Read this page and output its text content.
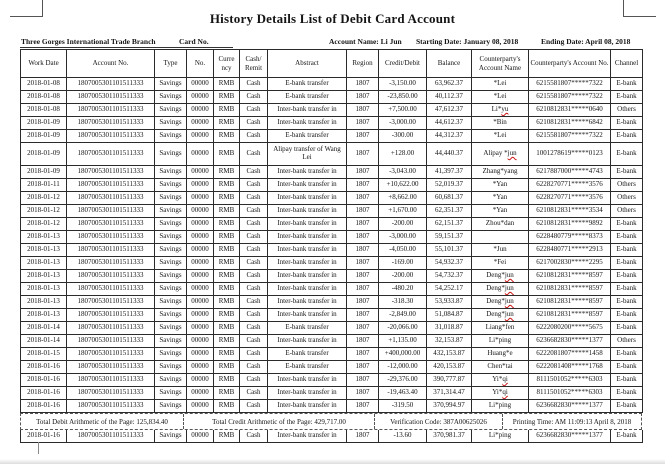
History Details List of Debit Card Account
Three Gorges International Trade Branch	Card No.	Account Name: Li Jun Starting Date: January 08, 2018	Ending Date: April 08, 2018
Work Date	Account No.	Type	No.	Curre ncy	Cash/ Remit	Abstract	Region	Credit/Debit	Balance	Counterparty's Account Name	Counterparty's Account No.	Channel
2018-01-08	1807005301101511333	Savings	00000	RMB	Cash	E-bank transfer	1807	-3,150.00	63,962.37	*Lei	6215581807*****7322	E-bank
2018-01-08	1807005301101511333	Savings	00000	RMB	Cash	E-bank transfer	1807	-23,850.00	40,112.37	*Lei	6215581807*****7322	E-bank
2018-01-08	1807005301101511333	Savings	00000	RMB	Cash	Inter-bank transfer in	1807	+7,500.00	47,612.37	Li*yu	6210812831*****0640	Others
2018-01-09	1807005301101511333	Savings	00000	RMB	Cash	Inter-bank transfer in	1807	-3,000.00	44,612.37	*Bin	6210812831*****6842	E-bank
2018-01-09	1807005301101511333	Savings	00000	RMB	Cash	E-bank transfer	1807	-300.00	44,312.37	*Lei	6215581807*****7322	E-bank
2018-01-09	1807005301101511333	Savings	00000	RMB	Cash	Alipay transfer of Wang Lei	1807	+128.00	44,440.37	Alipay *jun	1001278619*****0123	E-bank
2018-01-09	1807005301101511333	Savings	00000	RMB	Cash	Inter-bank transfer in	1807	-3,043.00	41,397.37	Zhang*yang	6217887000*****4743	E-bank
2018-01-11	1807005301101511333	Savings	00000	RMB	Cash	Inter-bank transfer in	1807	+10,622.00	52,019.37	*Yan	6228270771*****3576	Others
2018-01-12	1807005301101511333	Savings	00000	RMB	Cash	Inter-bank transfer in	1807	+8,662.00	60,681.37	*Yan	6228270771*****3576	Others
2018-01-12	1807005301101511333	Savings	00000	RMB	Cash	Inter-bank transfer in	1807	+1,670.00	62,351.37	*Yan	6210812831*****3534	Others
2018-01-12	1807005301101511333	Savings	00000	RMB	Cash	Inter-bank transfer in	1807	-200.00	62,151.37	Zhou*dan	6210812831*****9892	E-bank
2018-01-13	1807005301101511333	Savings	00000	RMB	Cash	Inter-bank transfer in	1807	-3,000.00	59,151.37		6228480779*****8373	E-bank
2018-01-13	1807005301101511333	Savings	00000	RMB	Cash	Inter-bank transfer in	1807	-4,050.00	55,101.37	*Jun	6228480771*****2913	E-bank
2018-01-13	1807005301101511333	Savings	00000	RMB	Cash	Inter-bank transfer in	1807	-169.00	54,932.37	*Fei	6217002830*****2295	E-bank
2018-01-13	1807005301101511333	Savings	00000	RMB	Cash	Inter-bank transfer in	1807	-200.00	54,732.37	Deng*jun	6210812831*****8597	E-bank
2018-01-13	1807005301101511333	Savings	00000	RMB	Cash	Inter-bank transfer in	1807	-480.20	54,252.17	Deng*jun	6210812831*****8597	E-bank
2018-01-13	1807005301101511333	Savings	00000	RMB	Cash	Inter-bank transfer in	1807	-318.30	53,933.87	Deng*jun	6210812831*****8597	E-bank
2018-01-13	1807005301101511333	Savings	00000	RMB	Cash	Inter-bank transfer in	1807	-2,849.00	51,084.87	Deng*jun	6210812831*****8597	E-bank
2018-01-14	1807005301101511333	Savings	00000	RMB	Cash	E-bank transfer	1807	-20,066.00	31,018.87	Liang*fen	6222080200*****5675	E-bank
2018-01-14	1807005301101511333	Savings	00000	RMB	Cash	Inter-bank transfer in	1807	+1,135.00	32,153.87	Li*ping	6236682830*****1377	Others
2018-01-15	1807005301101511333	Savings	00000	RMB	Cash	E-bank transfer	1807	+400,000.00	432,153.87	Huang*e	6222081807*****1458	E-bank
2018-01-16	1807005301101511333	Savings	00000	RMB	Cash	E-bank transfer	1807	-12,000.00	420,153.87	Chen*tai	6222081408*****1768	E-bank
2018-01-16	1807005301101511333	Savings	00000	RMB	Cash	Inter-bank transfer in	1807	-29,376.00	390,777.87	Yi*qi	8111501052*****6303	E-bank
2018-01-16	1807005301101511333	Savings	00000	RMB	Cash	Inter-bank transfer in	1807	-19,463.40	371,314.47	Yi*qi	8111501052*****6303	E-bank
2018-01-16	1807005301101511333	Savings	00000	RMB	Cash	Inter-bank transfer in	1807	-319.50	370,994.97	Li*ping	6236682830*****1377	E-bank
Total Debit Arithmetic of the Page: 125,834.40	Total Credit Arithmetic of the Page: 429,717.00	Verification Code: 387A00625026	Printing Time: AM 11:09:13 April 8, 2018
2018-01-16	1807005301101511333	Savings	00000	RMB	Cash	Inter-bank transfer in	1807	-13.60	370,981.37	Li*ping	6236682830*****1377	E-bank
